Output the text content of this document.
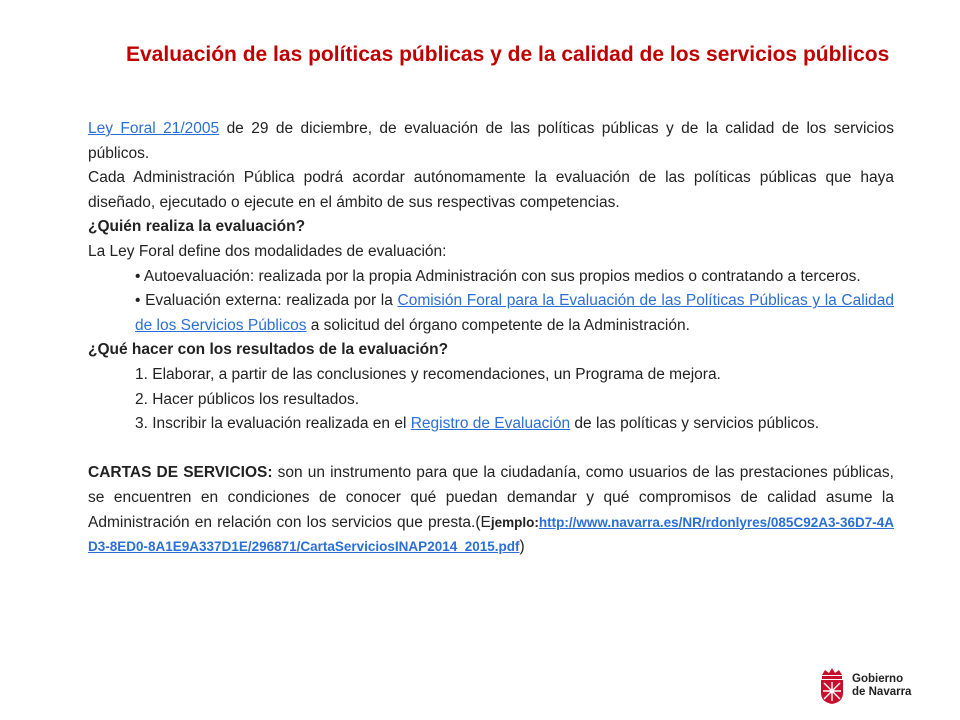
Evaluación de las políticas públicas y de la calidad de los servicios públicos

Ley Foral 21/2005 de 29 de diciembre, de evaluación de las políticas públicas y de la calidad de los servicios públicos.

Cada Administración Pública podrá acordar autónomamente la evaluación de las políticas públicas que haya diseñado, ejecutado o ejecute en el ámbito de sus respectivas competencias.

¿Quién realiza la evaluación?

La Ley Foral define dos modalidades de evaluación:

• Autoevaluación: realizada por la propia Administración con sus propios medios o contratando a terceros.

• Evaluación externa: realizada por la Comisión Foral para la Evaluación de las Políticas Públicas y la Calidad de los Servicios Públicos a solicitud del órgano competente de la Administración.

¿Qué hacer con los resultados de la evaluación?

1. Elaborar, a partir de las conclusiones y recomendaciones, un Programa de mejora.

2. Hacer públicos los resultados.

3. Inscribir la evaluación realizada en el Registro de Evaluación de las políticas y servicios públicos.

CARTAS DE SERVICIOS: son un instrumento para que la ciudadanía, como usuarios de las prestaciones públicas, se encuentren en condiciones de conocer qué puedan demandar y qué compromisos de calidad asume la Administración en relación con los servicios que presta.(Ejemplo:http://www.navarra.es/NR/rdonlyres/085C92A3-36D7-4AD3-8ED0-8A1E9A337D1E/296871/CartaServiciosINAP2014_2015.pdf)

Gobierno
de Navarra
